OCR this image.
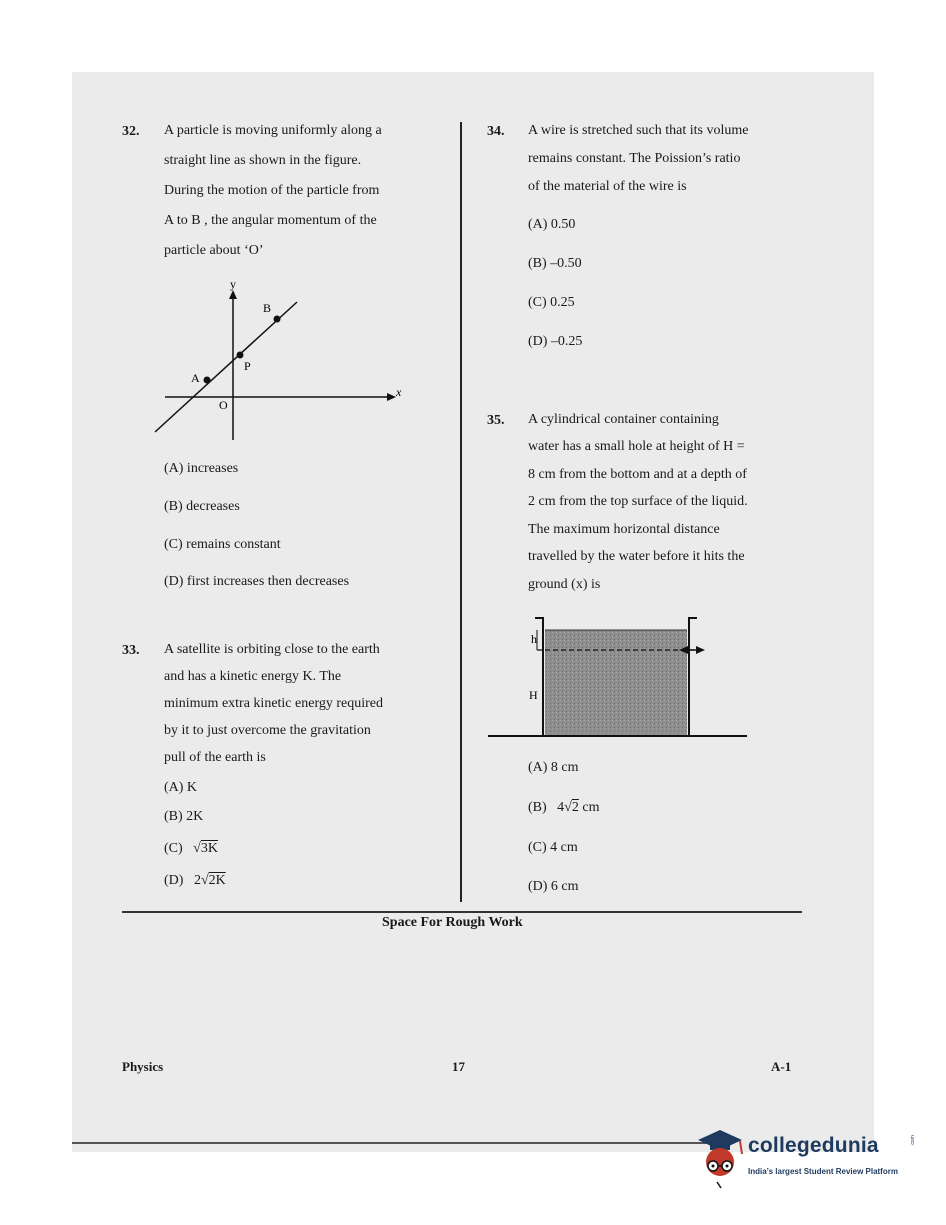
32. A particle is moving uniformly along a
straight line as shown in the figure.
During the motion of the particle from
A to B , the angular momentum of the
particle about ‘O’
y
x
B
P
A
O
(A) increases
(B) decreases
(C) remains constant
(D) first increases then decreases
33. A satellite is orbiting close to the earth
and has a kinetic energy K. The
minimum extra kinetic energy required
by it to just overcome the gravitation
pull of the earth is
(A) K
(B) 2K
(C)   √3K
(D) 2√2K
34. A wire is stretched such that its volume
remains constant. The Poission’s ratio
of the material of the wire is
(A) 0.50
(B) –0.50
(C) 0.25
(D) –0.25
35. A cylindrical container containing
water has a small hole at height of H =
8 cm from the bottom and at a depth of
2 cm from the top surface of the liquid.
The maximum horizontal distance
travelled by the water before it hits the
ground (x) is
h
H
(A) 8 cm
(B) 4√2 cm
(C) 4 cm
(D) 6 cm
Space For Rough Work
Physics	17	A-1
collegedunia
India’s largest Student Review Platform
.com
